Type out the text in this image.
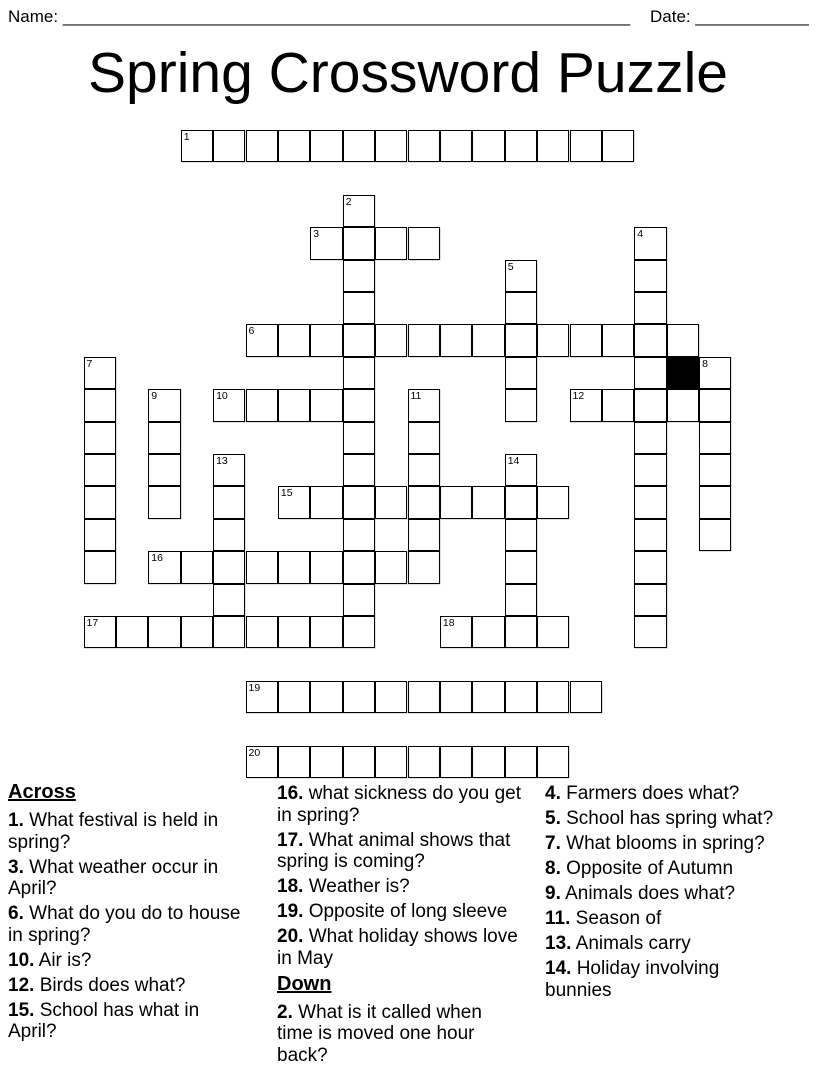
Name: ____________________________________________________________ Date: ____________
Spring Crossword Puzzle
1
2
3	4
5
6
7	8
9	10	11	12
13	14
15
16
17	18
19
20
Across

1. What festival is held in spring?

3. What weather occur in April?

6. What do you do to house in spring?

10. Air is?

12. Birds does what?

15. School has what in April?

16. what sickness do you get in spring?

17. What animal shows that spring is coming?

18. Weather is?

19. Opposite of long sleeve

20. What holiday shows love in May

Down

2. What is it called when time is moved one hour back?

4. Farmers does what?

5. School has spring what?

7. What blooms in spring?

8. Opposite of Autumn

9. Animals does what?

11. Season of

13. Animals carry

14. Holiday involving bunnies
